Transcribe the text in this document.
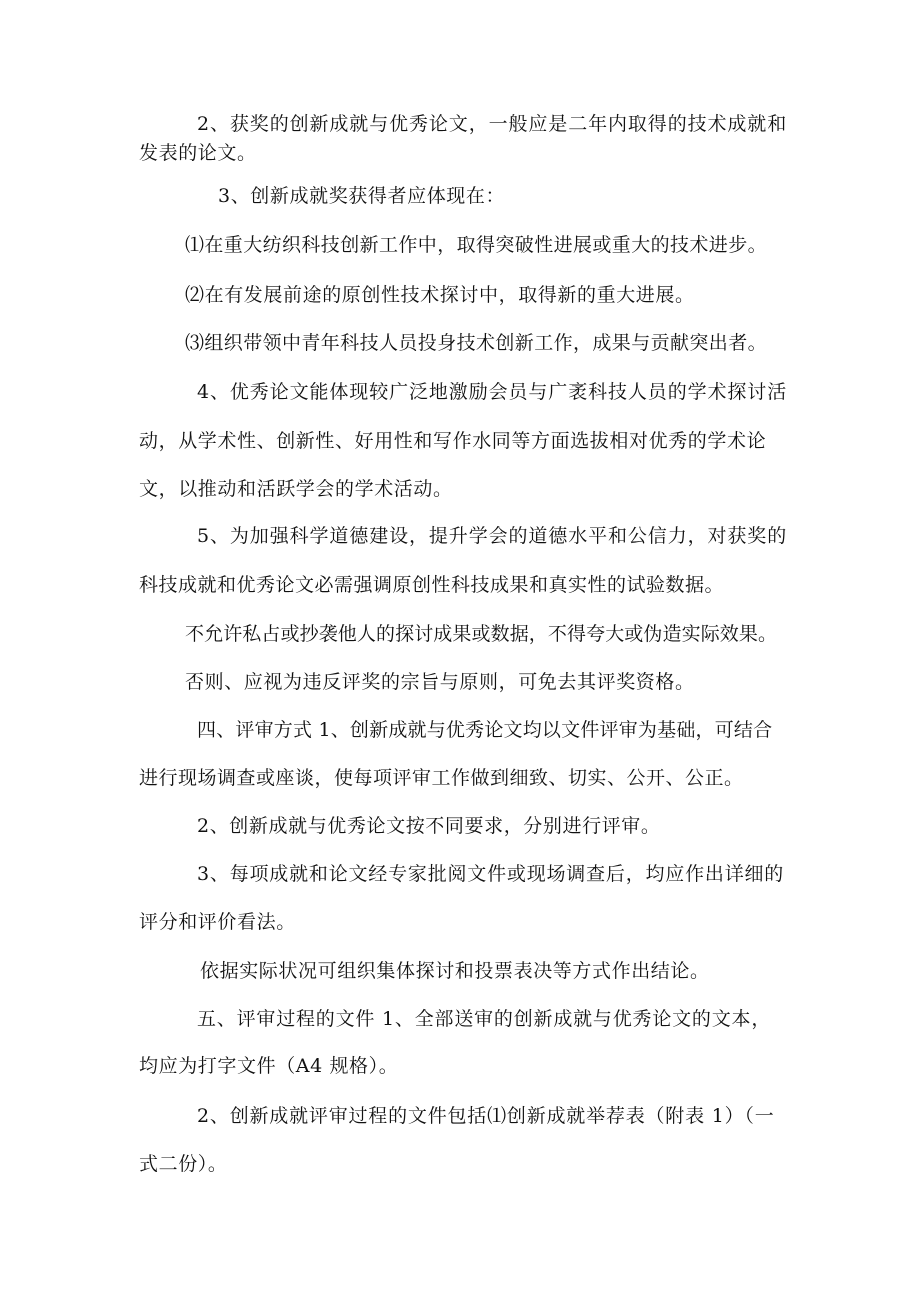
2、获奖的创新成就与优秀论文，一般应是二年内取得的技术成就和
发表的论文。
3、创新成就奖获得者应体现在：
⑴在重大纺织科技创新工作中，取得突破性进展或重大的技术进步。
⑵在有发展前途的原创性技术探讨中，取得新的重大进展。
⑶组织带领中青年科技人员投身技术创新工作，成果与贡献突出者。
4、优秀论文能体现较广泛地激励会员与广袤科技人员的学术探讨活
动，从学术性、创新性、好用性和写作水同等方面选拔相对优秀的学术论
文，以推动和活跃学会的学术活动。
5、为加强科学道德建设，提升学会的道德水平和公信力，对获奖的
科技成就和优秀论文必需强调原创性科技成果和真实性的试验数据。
不允许私占或抄袭他人的探讨成果或数据，不得夸大或伪造实际效果。
否则、应视为违反评奖的宗旨与原则，可免去其评奖资格。
四、评审方式 1、创新成就与优秀论文均以文件评审为基础，可结合
进行现场调查或座谈，使每项评审工作做到细致、切实、公开、公正。
2、创新成就与优秀论文按不同要求，分别进行评审。
3、每项成就和论文经专家批阅文件或现场调查后，均应作出详细的
评分和评价看法。
依据实际状况可组织集体探讨和投票表决等方式作出结论。
五、评审过程的文件 1、全部送审的创新成就与优秀论文的文本，
均应为打字文件（A4 规格）。
2、创新成就评审过程的文件包括⑴创新成就举荐表（附表 1）（一
式二份）。
